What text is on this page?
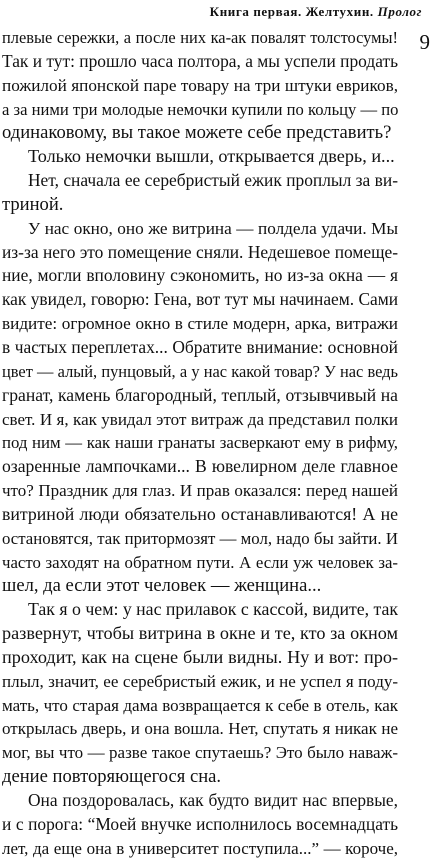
Книга первая. Желтухин. Пролог
9
плевые сережки, а после них ка-ак повалят толстосумы!
Так и тут: прошло часа полтора, а мы успели продать
пожилой японской паре товару на три штуки евриков,
а за ними три молодые немочки купили по кольцу — по
одинаковому, вы такое можете себе представить?
Только немочки вышли, открывается дверь, и...
Нет, сначала ее серебристый ежик проплыл за ви-
триной.
У нас окно, оно же витрина — полдела удачи. Мы
из-за него это помещение сняли. Недешевое помеще-
ние, могли вполовину сэкономить, но из-за окна — я
как увидел, говорю: Гена, вот тут мы начинаем. Сами
видите: огромное окно в стиле модерн, арка, витражи
в частых переплетах... Обратите внимание: основной
цвет — алый, пунцовый, а у нас какой товар? У нас ведь
гранат, камень благородный, теплый, отзывчивый на
свет. И я, как увидал этот витраж да представил полки
под ним — как наши гранаты засверкают ему в рифму,
озаренные лампочками... В ювелирном деле главное
что? Праздник для глаз. И прав оказался: перед нашей
витриной люди обязательно останавливаются! А не
остановятся, так притормозят — мол, надо бы зайти. И
часто заходят на обратном пути. А если уж человек за-
шел, да если этот человек — женщина...
Так я о чем: у нас прилавок с кассой, видите, так
развернут, чтобы витрина в окне и те, кто за окном
проходит, как на сцене были видны. Ну и вот: про-
плыл, значит, ее серебристый ежик, и не успел я поду-
мать, что старая дама возвращается к себе в отель, как
открылась дверь, и она вошла. Нет, спутать я никак не
мог, вы что — разве такое спутаешь? Это было наваж-
дение повторяющегося сна.
Она поздоровалась, как будто видит нас впервые,
и с порога: “Моей внучке исполнилось восемнадцать
лет, да еще она в университет поступила...” — короче,
